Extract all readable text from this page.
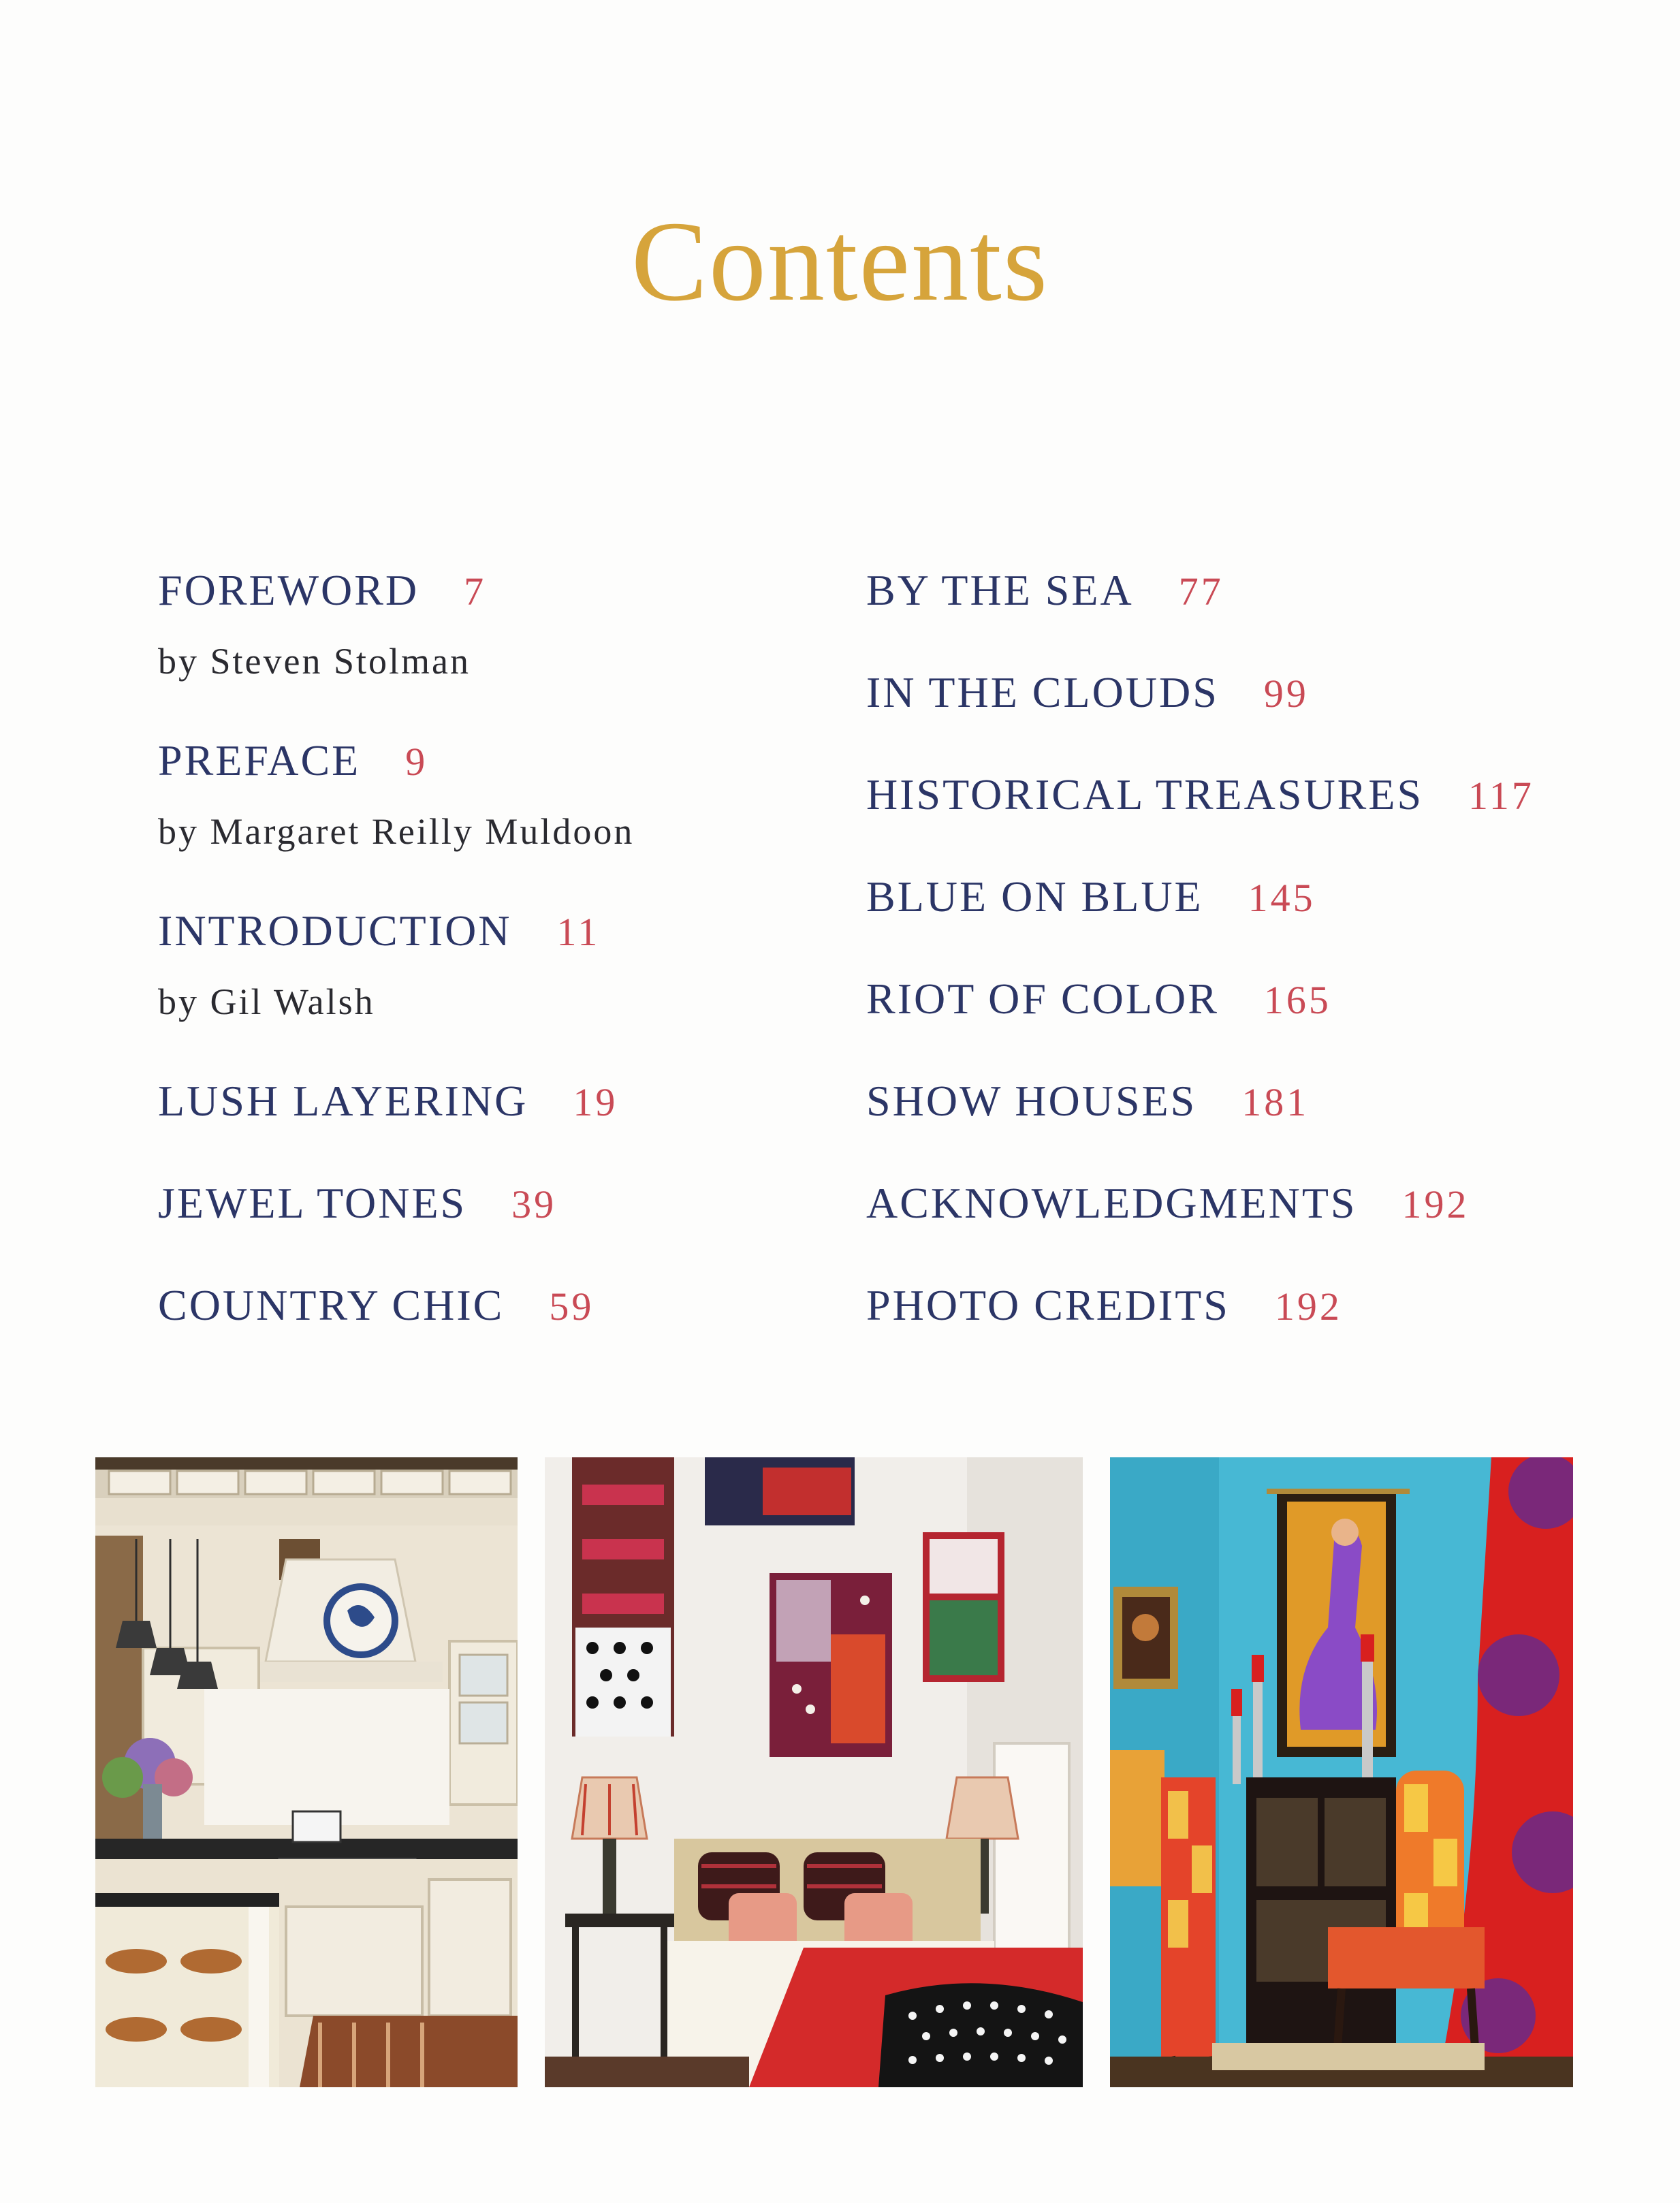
Contents
FOREWORD 7
by Steven Stolman
PREFACE 9
by Margaret Reilly Muldoon
INTRODUCTION 11
by Gil Walsh
LUSH LAYERING 19
JEWEL TONES 39
COUNTRY CHIC 59
BY THE SEA 77
IN THE CLOUDS 99
HISTORICAL TREASURES 117
BLUE ON BLUE 145
RIOT OF COLOR 165
SHOW HOUSES 181
ACKNOWLEDGMENTS 192
PHOTO CREDITS 192
